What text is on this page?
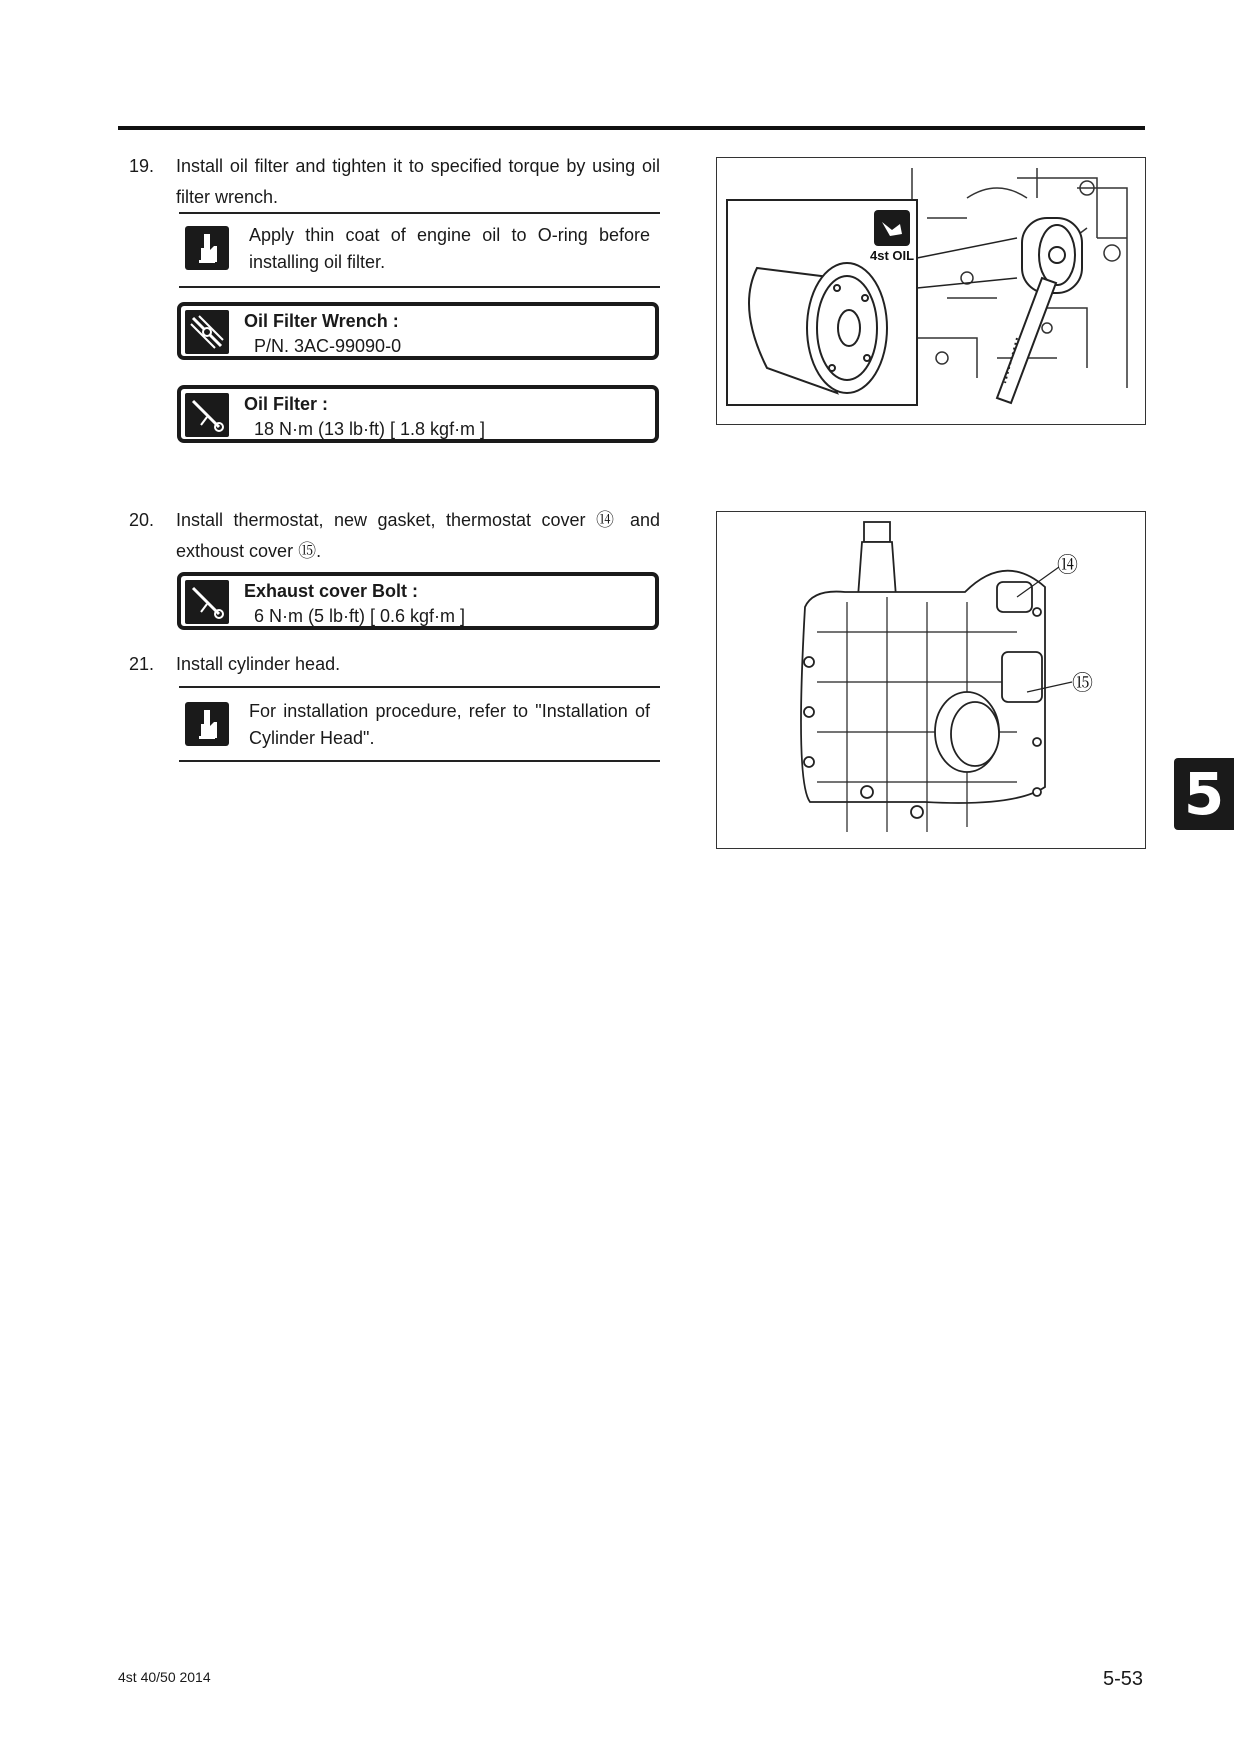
19. Install oil filter and tighten it to specified torque by using oil filter wrench.
Apply thin coat of engine oil to O-ring before installing oil filter.
Oil Filter Wrench :
P/N. 3AC-99090-0
Oil Filter :
18 N·m (13 lb·ft) [ 1.8 kgf·m ]
20. Install thermostat, new gasket, thermostat cover ⑭ and exthoust cover ⑮.
Exhaust cover Bolt :
6 N·m (5 lb·ft) [ 0.6 kgf·m ]
21. Install cylinder head.
For installation procedure, refer to "Installation of Cylinder Head".
4st OIL
⑭
⑮
5
4st 40/50 2014	5-53
